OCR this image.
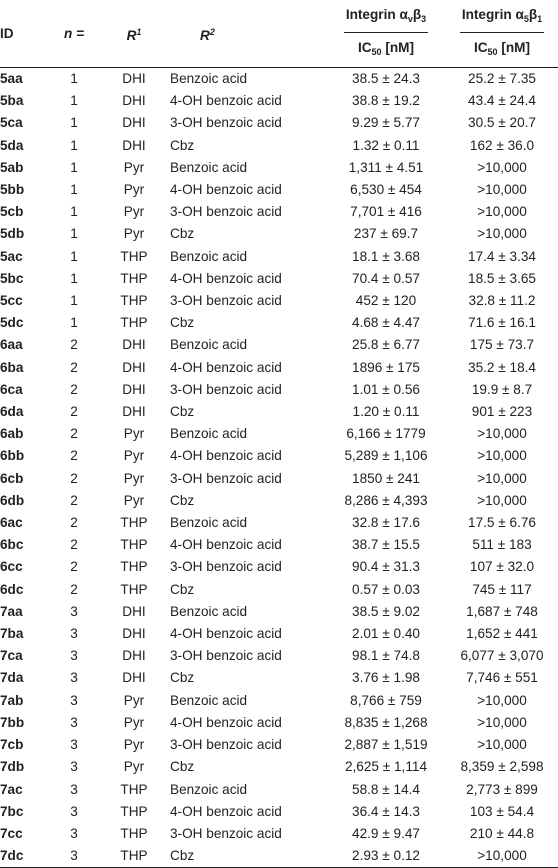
ID	n =	$R^1$	$R^2$	Integrin $\alpha_v\beta_3$	Integrin $\alpha_5\beta_1$
				$IC_{50}$ [nM]	$IC_{50}$ [nM]
5aa	1	DHI	Benzoic acid	38.5 ± 24.3	25.2 ± 7.35
5ba	1	DHI	4-OH benzoic acid	38.8 ± 19.2	43.4 ± 24.4
5ca	1	DHI	3-OH benzoic acid	9.29 ± 5.77	30.5 ± 20.7
5da	1	DHI	Cbz	1.32 ± 0.11	162 ± 36.0
5ab	1	Pyr	Benzoic acid	1,311 ± 4.51	>10,000
5bb	1	Pyr	4-OH benzoic acid	6,530 ± 454	>10,000
5cb	1	Pyr	3-OH benzoic acid	7,701 ± 416	>10,000
5db	1	Pyr	Cbz	237 ± 69.7	>10,000
5ac	1	THP	Benzoic acid	18.1 ± 3.68	17.4 ± 3.34
5bc	1	THP	4-OH benzoic acid	70.4 ± 0.57	18.5 ± 3.65
5cc	1	THP	3-OH benzoic acid	452 ± 120	32.8 ± 11.2
5dc	1	THP	Cbz	4.68 ± 4.47	71.6 ± 16.1
6aa	2	DHI	Benzoic acid	25.8 ± 6.77	175 ± 73.7
6ba	2	DHI	4-OH benzoic acid	1896 ± 175	35.2 ± 18.4
6ca	2	DHI	3-OH benzoic acid	1.01 ± 0.56	19.9 ± 8.7
6da	2	DHI	Cbz	1.20 ± 0.11	901 ± 223
6ab	2	Pyr	Benzoic acid	6,166 ± 1779	>10,000
6bb	2	Pyr	4-OH benzoic acid	5,289 ± 1,106	>10,000
6cb	2	Pyr	3-OH benzoic acid	1850 ± 241	>10,000
6db	2	Pyr	Cbz	8,286 ± 4,393	>10,000
6ac	2	THP	Benzoic acid	32.8 ± 17.6	17.5 ± 6.76
6bc	2	THP	4-OH benzoic acid	38.7 ± 15.5	511 ± 183
6cc	2	THP	3-OH benzoic acid	90.4 ± 31.3	107 ± 32.0
6dc	2	THP	Cbz	0.57 ± 0.03	745 ± 117
7aa	3	DHI	Benzoic acid	38.5 ± 9.02	1,687 ± 748
7ba	3	DHI	4-OH benzoic acid	2.01 ± 0.40	1,652 ± 441
7ca	3	DHI	3-OH benzoic acid	98.1 ± 74.8	6,077 ± 3,070
7da	3	DHI	Cbz	3.76 ± 1.98	7,746 ± 551
7ab	3	Pyr	Benzoic acid	8,766 ± 759	>10,000
7bb	3	Pyr	4-OH benzoic acid	8,835 ± 1,268	>10,000
7cb	3	Pyr	3-OH benzoic acid	2,887 ± 1,519	>10,000
7db	3	Pyr	Cbz	2,625 ± 1,114	8,359 ± 2,598
7ac	3	THP	Benzoic acid	58.8 ± 14.4	2,773 ± 899
7bc	3	THP	4-OH benzoic acid	36.4 ± 14.3	103 ± 54.4
7cc	3	THP	3-OH benzoic acid	42.9 ± 9.47	210 ± 44.8
7dc	3	THP	Cbz	2.93 ± 0.12	>10,000
